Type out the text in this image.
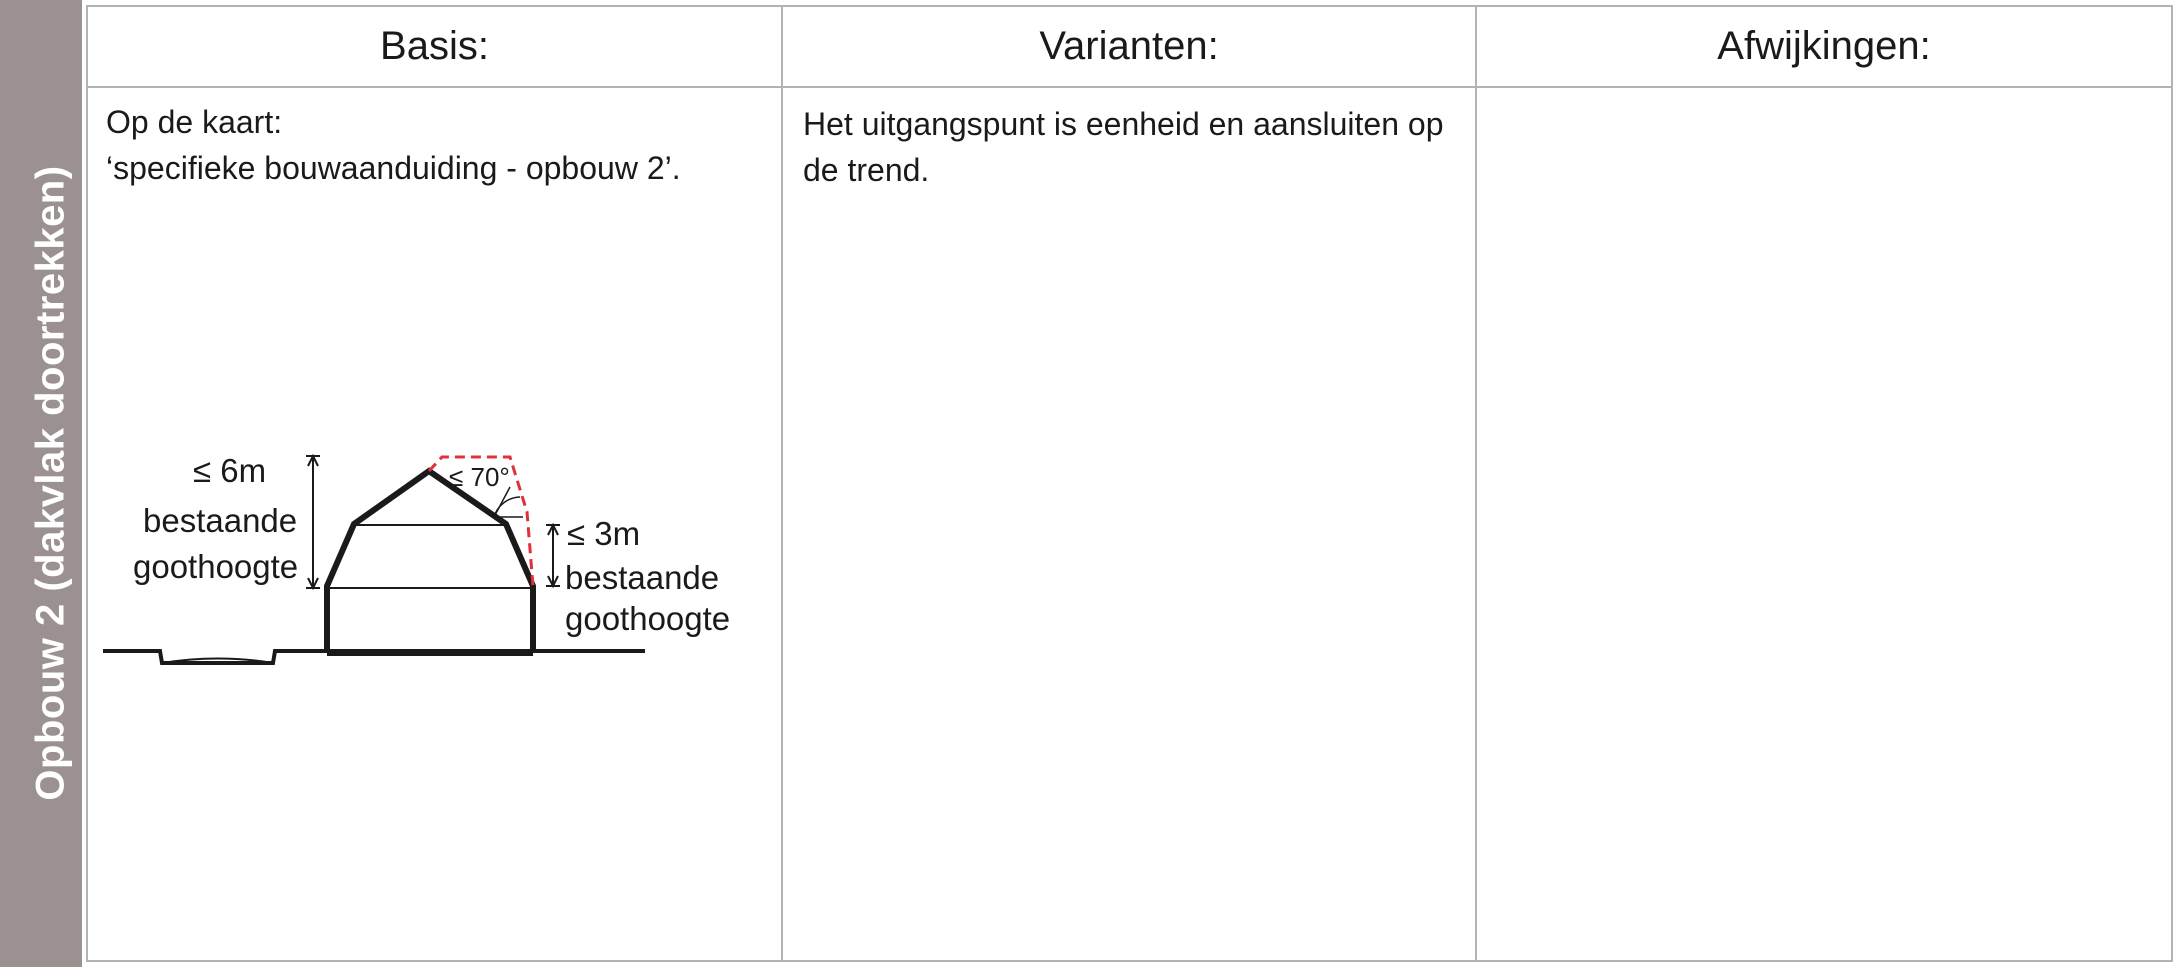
Opbouw 2 (dakvlak doortrekken)
Basis:	Varianten:	Afwijkingen:
Op de kaart:
‘specifieke bouwaanduiding - opbouw 2’.
Het uitgangspunt is eenheid en aansluiten op
de trend.
≤ 6m
bestaande
goothoogte
≤ 70°
≤ 3m
bestaande
goothoogte
